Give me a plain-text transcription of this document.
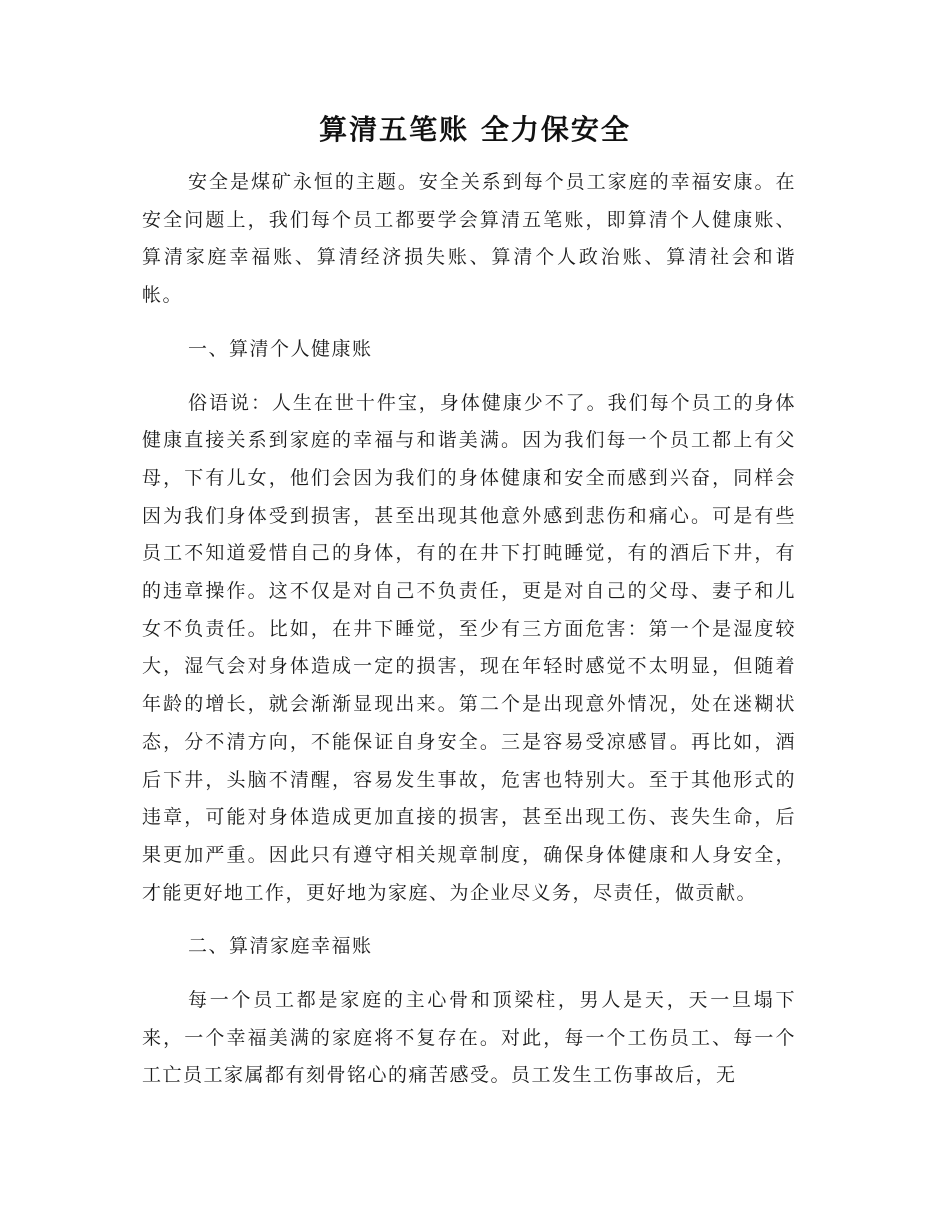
算清五笔账 全力保安全

安全是煤矿永恒的主题。安全关系到每个员工家庭的幸福安康。在安全问题上，我们每个员工都要学会算清五笔账，即算清个人健康账、算清家庭幸福账、算清经济损失账、算清个人政治账、算清社会和谐帐。

一、算清个人健康账

俗语说：人生在世十件宝，身体健康少不了。我们每个员工的身体健康直接关系到家庭的幸福与和谐美满。因为我们每一个员工都上有父母，下有儿女，他们会因为我们的身体健康和安全而感到兴奋，同样会因为我们身体受到损害，甚至出现其他意外感到悲伤和痛心。可是有些员工不知道爱惜自己的身体，有的在井下打盹睡觉，有的酒后下井，有的违章操作。这不仅是对自己不负责任，更是对自己的父母、妻子和儿女不负责任。比如，在井下睡觉，至少有三方面危害：第一个是湿度较大，湿气会对身体造成一定的损害，现在年轻时感觉不太明显，但随着年龄的增长，就会渐渐显现出来。第二个是出现意外情况，处在迷糊状态，分不清方向，不能保证自身安全。三是容易受凉感冒。再比如，酒后下井，头脑不清醒，容易发生事故，危害也特别大。至于其他形式的违章，可能对身体造成更加直接的损害，甚至出现工伤、丧失生命，后果更加严重。因此只有遵守相关规章制度，确保身体健康和人身安全，才能更好地工作，更好地为家庭、为企业尽义务，尽责任，做贡献。

二、算清家庭幸福账

每一个员工都是家庭的主心骨和顶梁柱，男人是天，天一旦塌下来，一个幸福美满的家庭将不复存在。对此，每一个工伤员工、每一个工亡员工家属都有刻骨铭心的痛苦感受。员工发生工伤事故后，无
